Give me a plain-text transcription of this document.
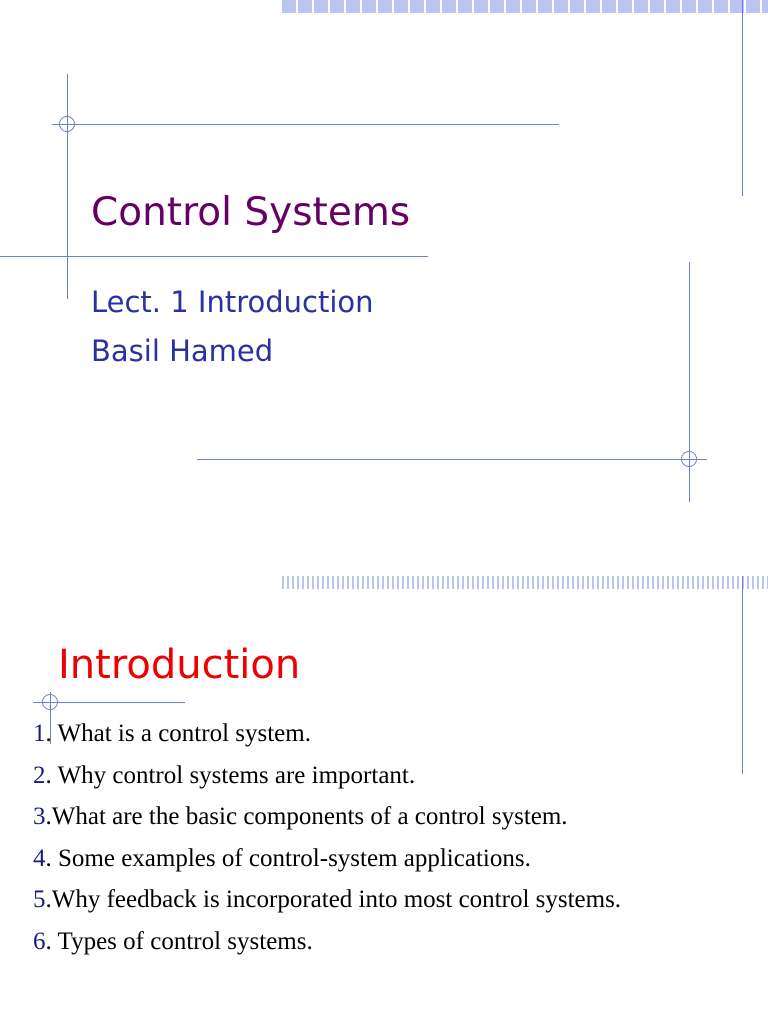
Control Systems
Lect. 1 Introduction
Basil Hamed
Introduction
1. What is a control system.
2. Why control systems are important.
3.What are the basic components of a control system.
4. Some examples of control-system applications.
5.Why feedback is incorporated into most control systems.
6. Types of control systems.
